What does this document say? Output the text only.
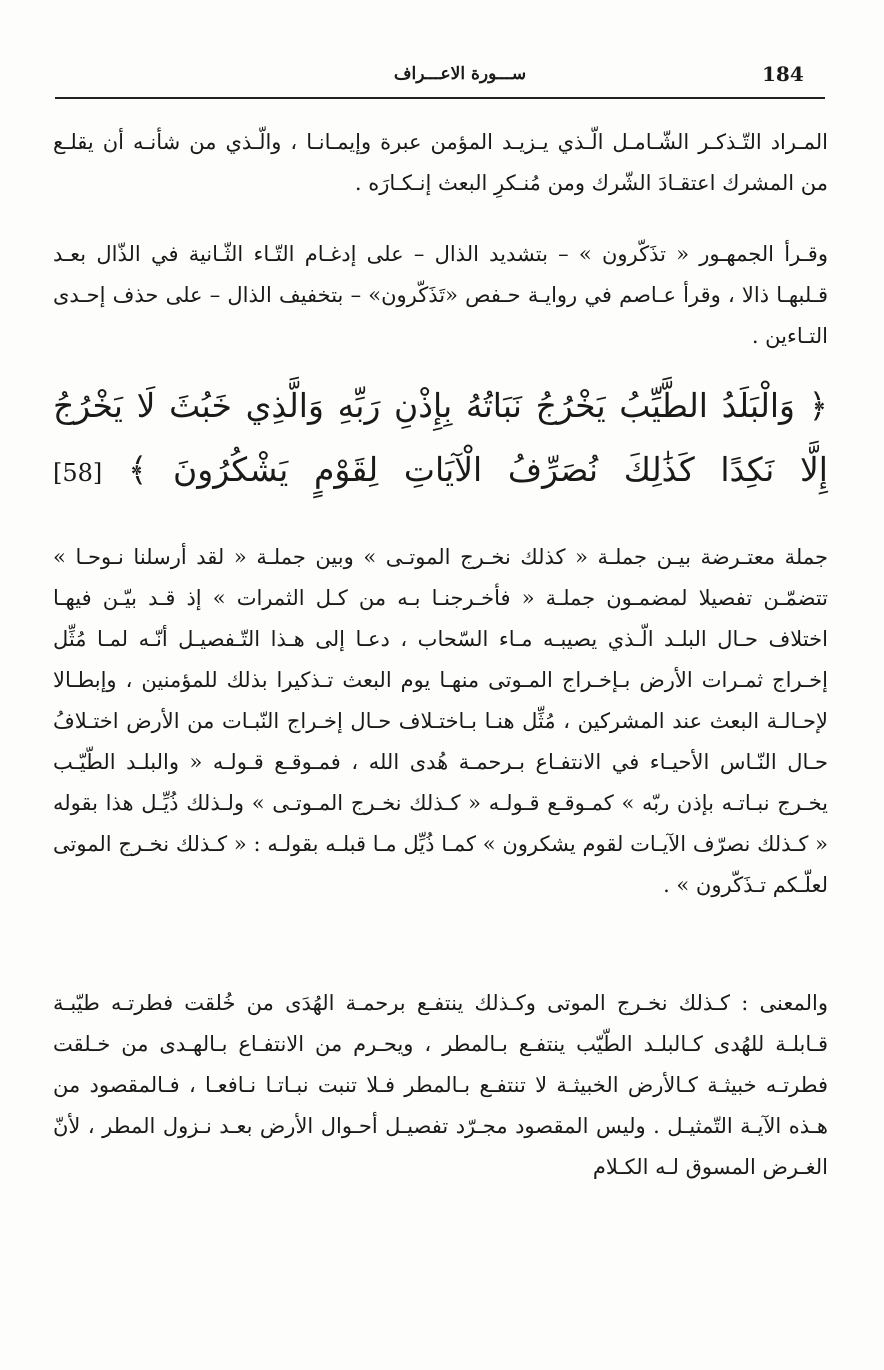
184
ســـورة الاعـــراف

المـراد التّـذكـر الشّـامـل الّـذي يـزيـد المؤمن عبرة وإيمـانـا ، والّـذي من شأنـه أن يقلـع من المشرك اعتقـادَ الشّرك ومن مُنـكرِ البعث إنـكـارَه .

وقـرأ الجمهـور « تذَكّرون » – بتشديد الذال – على إدغـام التّـاء الثّـانية في الذّال بعـد قـلبهـا ذالا ، وقرأ عـاصم في روايـة حـفص «تَذَكّرون» – بتخفيف الذال – على حذف إحـدى التـاءين .

﴿ وَالْبَلَدُ الطَّيِّبُ يَخْرُجُ نَبَاتُهُ بِإِذْنِ رَبِّهِ وَالَّذِي خَبُثَ لَا يَخْرُجُ إِلَّا نَكِدًا كَذَٰلِكَ نُصَرِّفُ الْآيَاتِ لِقَوْمٍ يَشْكُرُونَ ﴾ [58]

جملة معتـرضة بيـن جملـة « كذلك نخـرج الموتـى » وبين جملـة « لقد أرسلنا نـوحـا » تتضمّـن تفصيلا لمضمـون جملـة « فأخـرجنـا بـه من كـل الثمرات » إذ قـد بيّـن فيهـا اختلاف حـال البلـد الّـذي يصيبـه مـاء السّحاب ، دعـا إلى هـذا التّـفصيـل أنّـه لمـا مُثِّل إخـراج ثمـرات الأرض بـإخـراج المـوتى منهـا يوم البعث تـذكيرا بذلك للمؤمنين ، وإبطـالا لإحـالـة البعث عند المشركين ، مُثِّل هنـا بـاختـلاف حـال إخـراج النّبـات من الأرض اختـلافُ حـال النّـاس الأحيـاء في الانتفـاع بـرحمـة هُدى الله ، فمـوقـع قـولـه « والبلـد الطّيّـب يخـرج نبـاتـه بإذن ربّه » كمـوقـع قـولـه « كـذلك نخـرج المـوتـى » ولـذلك ذُيِّـل هذا بقوله « كـذلك نصرّف الآيـات لقوم يشكرون » كمـا ذُيِّل مـا قبلـه بقولـه : « كـذلك نخـرج الموتى لعلّـكم تـذَكّرون » .

والمعنى : كـذلك نخـرج الموتى وكـذلك ينتفـع برحمـة الهُدَى من خُلقت فطرتـه طيّبـة قـابلـة للهُدى كـالبلـد الطّيّب ينتفـع بـالمطر ، ويحـرم من الانتفـاع بـالهـدى من خـلقت فطرتـه خبيثـة كـالأرض الخبيثـة لا تنتفـع بـالمطر فـلا تنبت نبـاتـا نـافعـا ، فـالمقصود من هـذه الآيـة التّمثيـل . وليس المقصود مجـرّد تفصيـل أحـوال الأرض بعـد نـزول المطر ، لأنّ الغـرض المسوق لـه الكـلام
